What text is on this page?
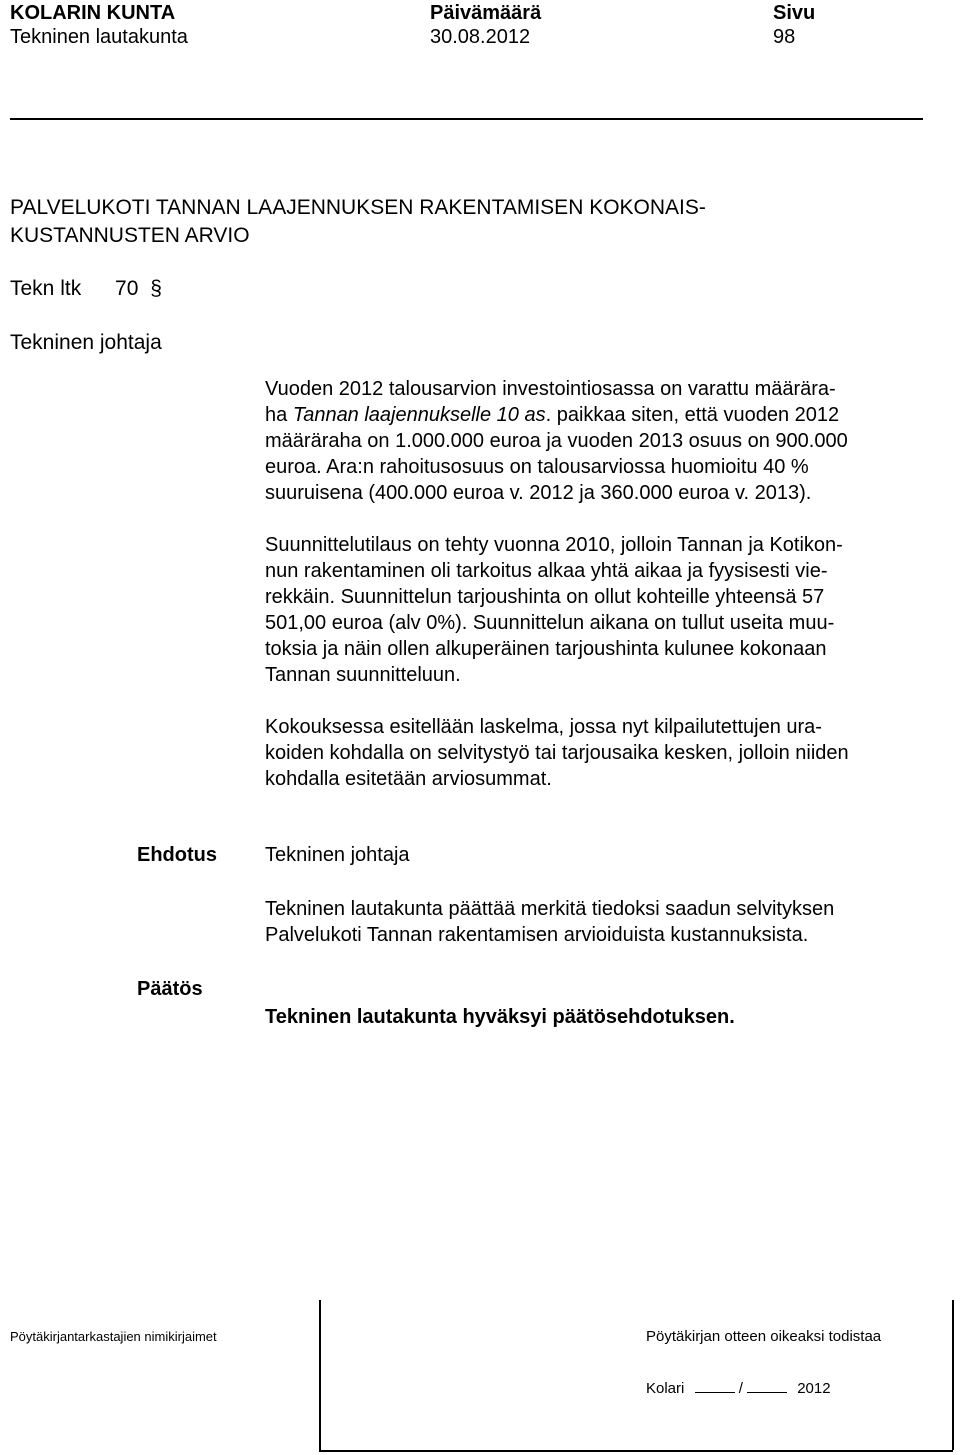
KOLARIN KUNTA
Tekninen lautakunta
Päivämäärä
30.08.2012
Sivu
98
PALVELUKOTI TANNAN LAAJENNUKSEN RAKENTAMISEN KOKONAIS-
KUSTANNUSTEN ARVIO
Tekn ltk 70 §
Tekninen johtaja

Vuoden 2012 talousarvion investointiosassa on varattu määrära-
ha Tannan laajennukselle 10 as. paikkaa siten, että vuoden 2012
määräraha on 1.000.000 euroa ja vuoden 2013 osuus on 900.000
euroa. Ara:n rahoitusosuus on talousarviossa huomioitu 40 %
suuruisena (400.000 euroa v. 2012 ja 360.000 euroa v. 2013).

Suunnittelutilaus on tehty vuonna 2010, jolloin Tannan ja Kotikon-
nun rakentaminen oli tarkoitus alkaa yhtä aikaa ja fyysisesti vie-
rekkäin. Suunnittelun tarjoushinta on ollut kohteille yhteensä 57
501,00 euroa (alv 0%). Suunnittelun aikana on tullut useita muu-
toksia ja näin ollen alkuperäinen tarjoushinta kulunee kokonaan
Tannan suunnitteluun.

Kokouksessa esitellään laskelma, jossa nyt kilpailutettujen ura-
koiden kohdalla on selvitystyö tai tarjousaika kesken, jolloin niiden
kohdalla esitetään arviosummat.

Ehdotus Tekninen johtaja
Tekninen lautakunta päättää merkitä tiedoksi saadun selvityksen
Palvelukoti Tannan rakentamisen arvioiduista kustannuksista.
Päätös
Tekninen lautakunta hyväksyi päätösehdotuksen.
Pöytäkirjantarkastajien nimikirjaimet	Pöytäkirjan otteen oikeaksi todistaa
Kolari	/	2012
